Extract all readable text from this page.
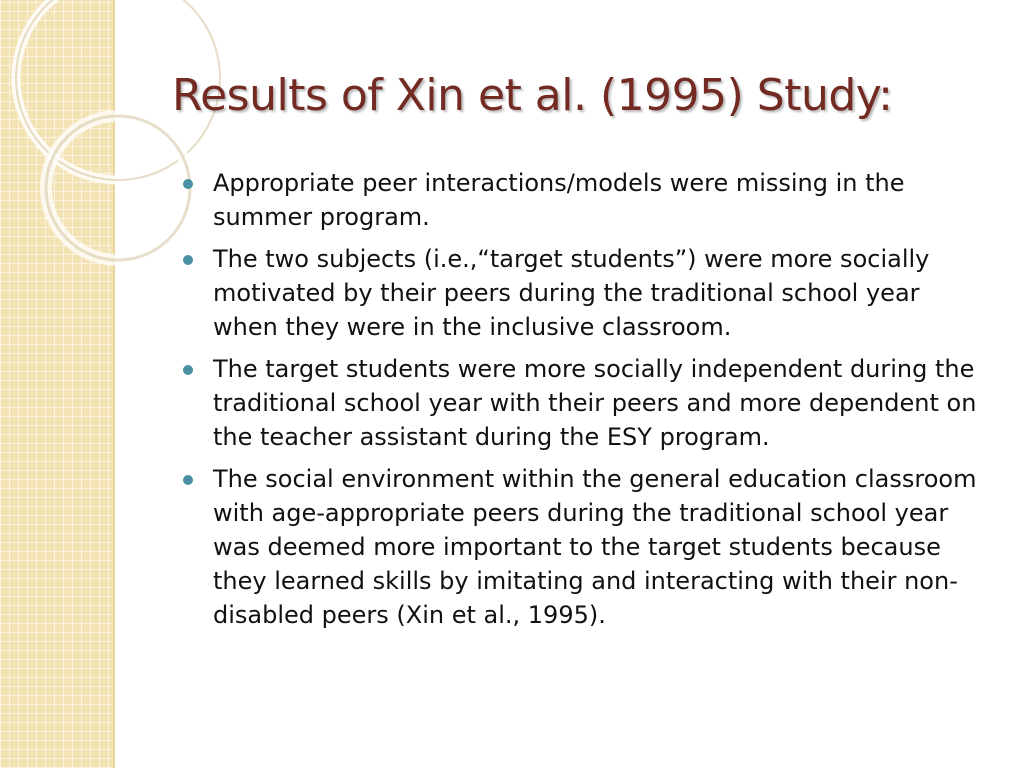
Results of Xin et al. (1995) Study:
Appropriate peer interactions/models were missing in the summer program.
The two subjects (i.e.,“target students”) were more socially motivated by their peers during the traditional school year when they were in the inclusive classroom.
The target students were more socially independent during the traditional school year with their peers and more dependent on the teacher assistant during the ESY program.
The social environment within the general education classroom with age-appropriate peers during the traditional school year was deemed more important to the target students because they learned skills by imitating and interacting with their non-disabled peers (Xin et al., 1995).
